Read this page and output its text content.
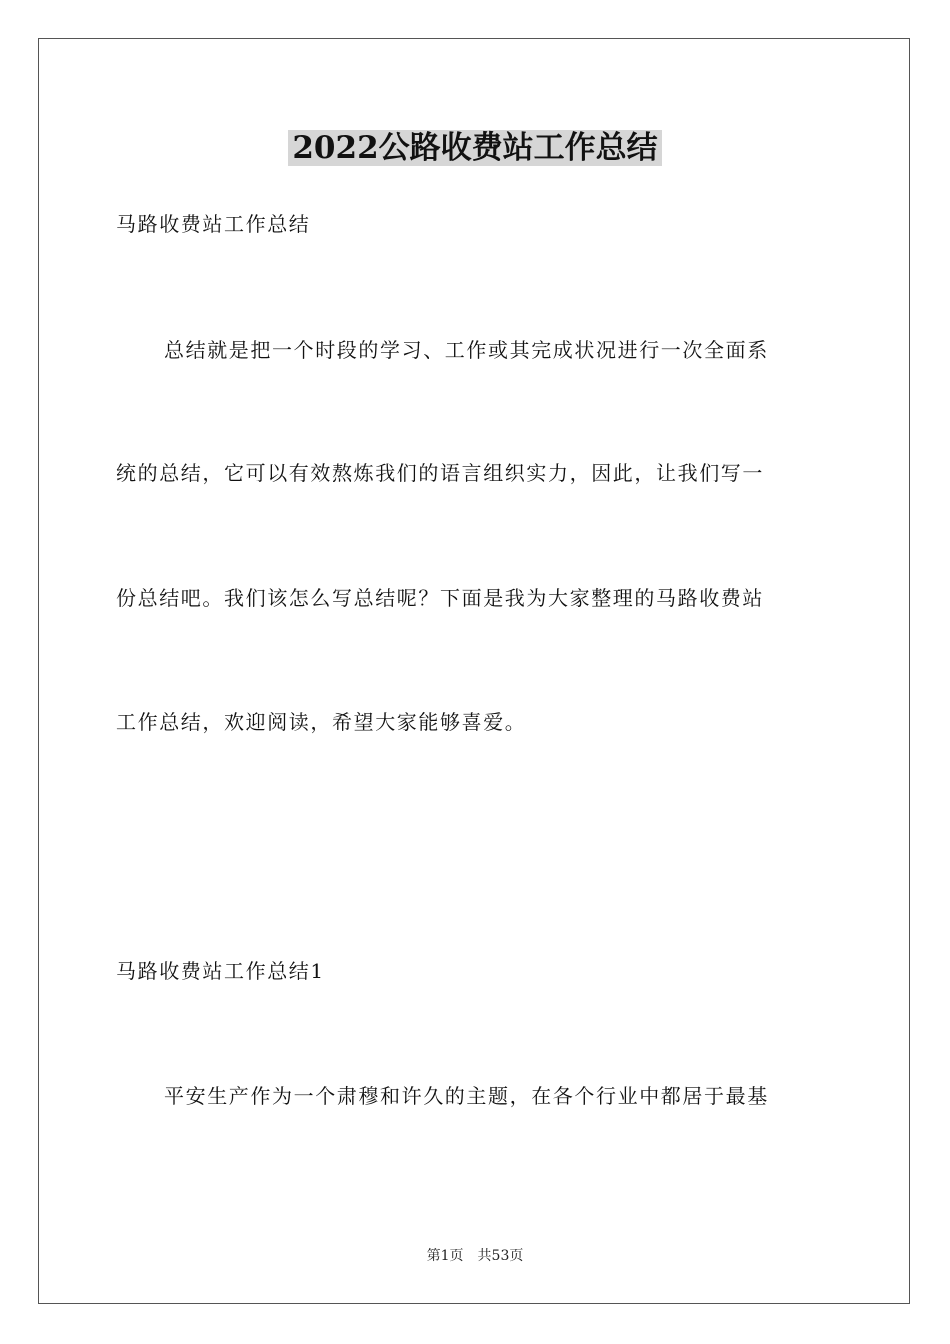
2022公路收费站工作总结
马路收费站工作总结
总结就是把一个时段的学习、工作或其完成状况进行一次全面系
统的总结，它可以有效熬炼我们的语言组织实力，因此，让我们写一
份总结吧。我们该怎么写总结呢？下面是我为大家整理的马路收费站
工作总结，欢迎阅读，希望大家能够喜爱。
马路收费站工作总结1
平安生产作为一个肃穆和许久的主题，在各个行业中都居于最基
第1页 共53页
